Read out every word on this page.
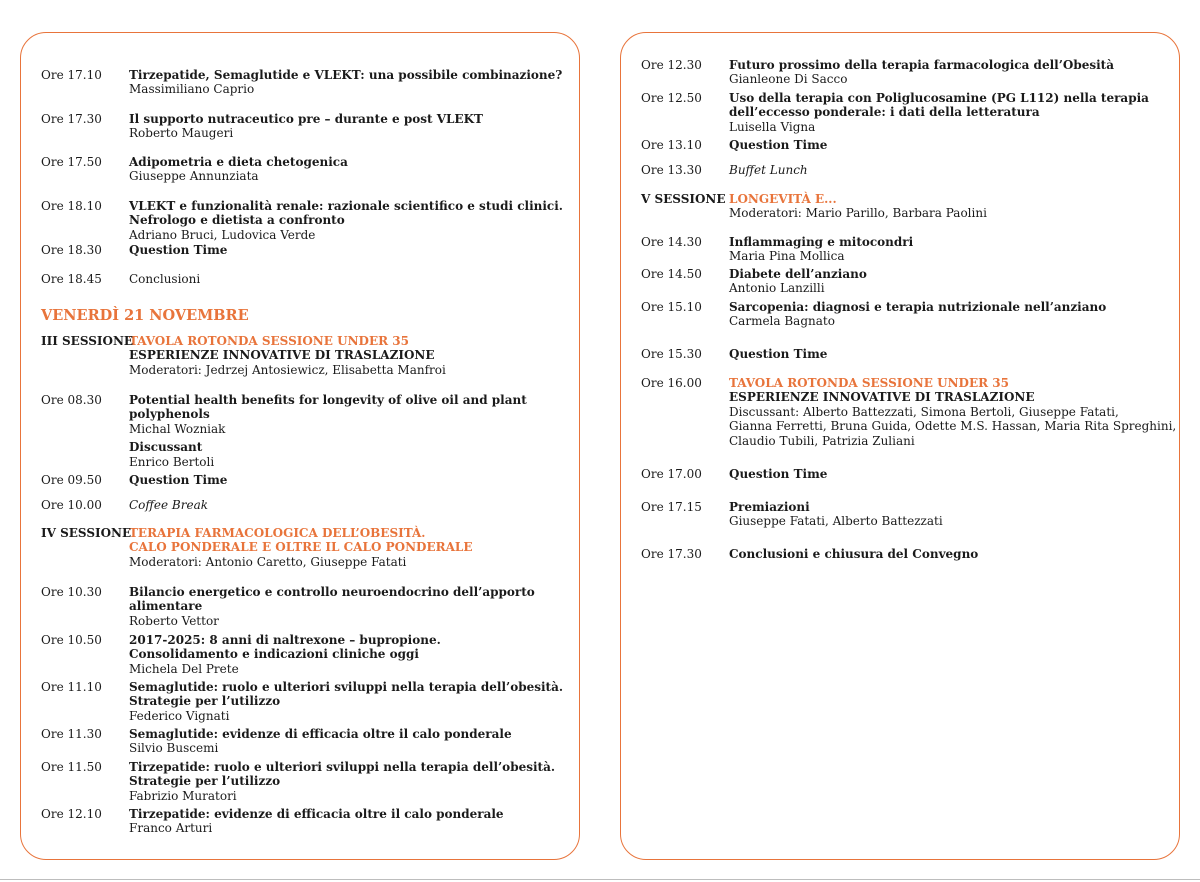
Ore 17.10 Tirzepatide, Semaglutide e VLEKT: una possibile combinazione?
Massimiliano Caprio
Ore 17.30 Il supporto nutraceutico pre – durante e post VLEKT
Roberto Maugeri
Ore 17.50 Adipometria e dieta chetogenica
Giuseppe Annunziata
Ore 18.10 VLEKT e funzionalità renale: razionale scientifico e studi clinici.
Nefrologo e dietista a confronto
Adriano Bruci, Ludovica Verde
Ore 18.30 Question Time
Ore 18.45 Conclusioni
VENERDÌ 21 NOVEMBRE
III SESSIONE
TAVOLA ROTONDA SESSIONE UNDER 35
ESPERIENZE INNOVATIVE DI TRASLAZIONE
Moderatori: Jedrzej Antosiewicz, Elisabetta Manfroi
Ore 08.30 Potential health benefits for longevity of olive oil and plant
polyphenols
Michal Wozniak
Discussant
Enrico Bertoli
Ore 09.50 Question Time
Ore 10.00 Coffee Break
IV SESSIONE
TERAPIA FARMACOLOGICA DELL’OBESITÀ.
CALO PONDERALE E OLTRE IL CALO PONDERALE
Moderatori: Antonio Caretto, Giuseppe Fatati
Ore 10.30 Bilancio energetico e controllo neuroendocrino dell’apporto
alimentare
Roberto Vettor
Ore 10.50 2017-2025: 8 anni di naltrexone – bupropione.
Consolidamento e indicazioni cliniche oggi
Michela Del Prete
Ore 11.10 Semaglutide: ruolo e ulteriori sviluppi nella terapia dell’obesità.
Strategie per l’utilizzo
Federico Vignati
Ore 11.30 Semaglutide: evidenze di efficacia oltre il calo ponderale
Silvio Buscemi
Ore 11.50 Tirzepatide: ruolo e ulteriori sviluppi nella terapia dell’obesità.
Strategie per l’utilizzo
Fabrizio Muratori
Ore 12.10 Tirzepatide: evidenze di efficacia oltre il calo ponderale
Franco Arturi
Ore 12.30 Futuro prossimo della terapia farmacologica dell’Obesità
Gianleone Di Sacco
Ore 12.50 Uso della terapia con Poliglucosamine (PG L112) nella terapia
dell’eccesso ponderale: i dati della letteratura
Luisella Vigna
Ore 13.10 Question Time
Ore 13.30 Buffet Lunch
V SESSIONE LONGEVITÀ E...
Moderatori: Mario Parillo, Barbara Paolini
Ore 14.30 Inflammaging e mitocondri
Maria Pina Mollica
Ore 14.50 Diabete dell’anziano
Antonio Lanzilli
Ore 15.10 Sarcopenia: diagnosi e terapia nutrizionale nell’anziano
Carmela Bagnato
Ore 15.30 Question Time
Ore 16.00 TAVOLA ROTONDA SESSIONE UNDER 35
ESPERIENZE INNOVATIVE DI TRASLAZIONE
Discussant: Alberto Battezzati, Simona Bertoli, Giuseppe Fatati,
Gianna Ferretti, Bruna Guida, Odette M.S. Hassan, Maria Rita Spreghini,
Claudio Tubili, Patrizia Zuliani
Ore 17.00 Question Time
Ore 17.15 Premiazioni
Giuseppe Fatati, Alberto Battezzati
Ore 17.30 Conclusioni e chiusura del Convegno
